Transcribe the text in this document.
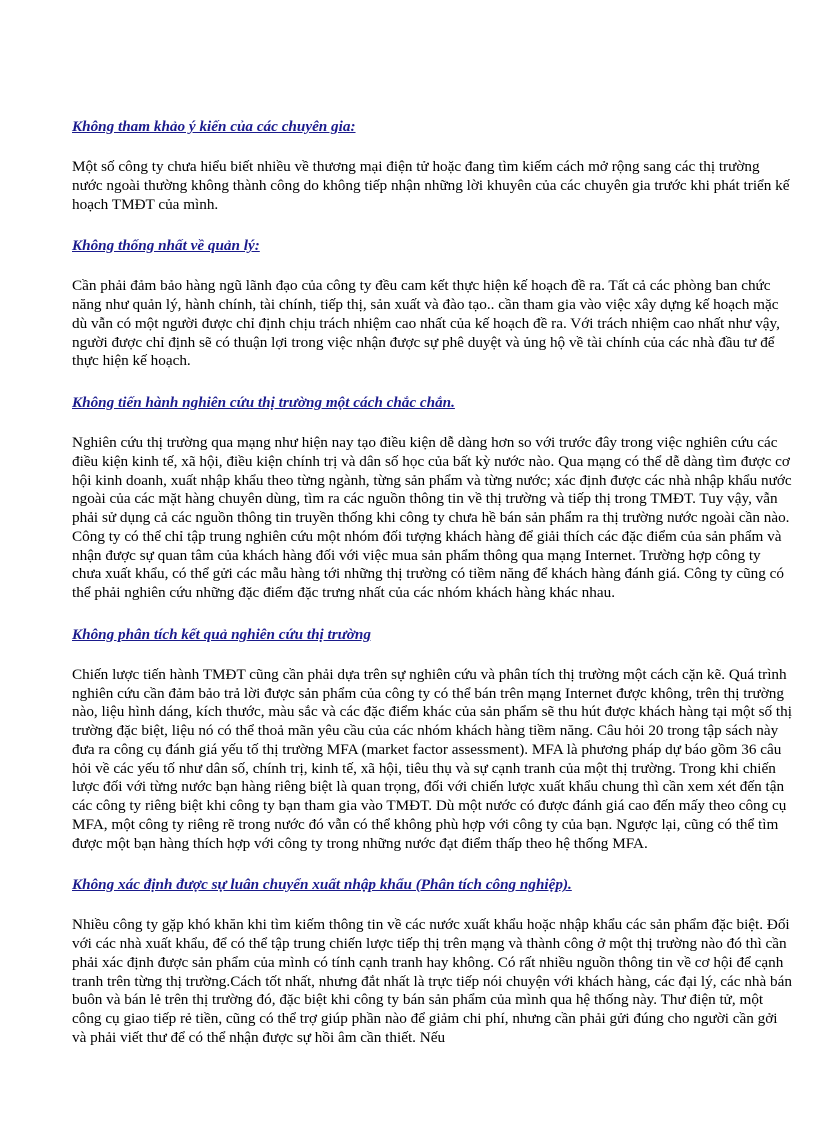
Không tham khảo ý kiến của các chuyên gia:

Một số công ty chưa hiểu biết nhiều về thương mại điện tử hoặc đang tìm kiếm cách mở rộng sang các thị trường nước ngoài thường không thành công do không tiếp nhận những lời khuyên của các chuyên gia trước khi phát triển kế hoạch TMĐT của mình.

Không thống nhất về quản lý:

Cần phải đảm bảo hàng ngũ lãnh đạo của công ty đều cam kết thực hiện kế hoạch đề ra. Tất cả các phòng ban chức năng như quản lý, hành chính, tài chính, tiếp thị, sản xuất và đào tạo.. cần tham gia vào việc xây dựng kế hoạch mặc dù vẫn có một người được chỉ định chịu trách nhiệm cao nhất của kế hoạch đề ra. Với trách nhiệm cao nhất như vậy, người được chỉ định sẽ có thuận lợi trong việc nhận được sự phê duyệt và ủng hộ về tài chính của các nhà đầu tư để thực hiện kế hoạch.

Không tiến hành nghiên cứu thị trường một cách chắc chắn.

Nghiên cứu thị trường qua mạng như hiện nay tạo điều kiện dễ dàng hơn so với trước đây trong việc nghiên cứu các điều kiện kinh tế, xã hội, điều kiện chính trị và dân số học của bất kỳ nước nào. Qua mạng có thể dễ dàng tìm được cơ hội kinh doanh, xuất nhập khẩu theo từng ngành, từng sản phẩm và từng nước; xác định được các nhà nhập khẩu nước ngoài của các mặt hàng chuyên dùng, tìm ra các nguồn thông tin về thị trường và tiếp thị trong TMĐT. Tuy vậy, vẫn phải sử dụng cả các nguồn thông tin truyền thống khi công ty chưa hề bán sản phẩm ra thị trường nước ngoài cần nào. Công ty có thể chỉ tập trung nghiên cứu một nhóm đối tượng khách hàng để giải thích các đặc điểm của sản phẩm và nhận được sự quan tâm của khách hàng đối với việc mua sản phẩm thông qua mạng Internet. Trường hợp công ty chưa xuất khẩu, có thể gửi các mẫu hàng tới những thị trường có tiềm năng để khách hàng đánh giá. Công ty cũng có thể phải nghiên cứu những đặc điểm đặc trưng nhất của các nhóm khách hàng khác nhau.

Không phân tích kết quả nghiên cứu thị trường

Chiến lược tiến hành TMĐT cũng cần phải dựa trên sự nghiên cứu và phân tích thị trường một cách cặn kẽ. Quá trình nghiên cứu cần đảm bảo trả lời được sản phẩm của công ty có thể bán trên mạng Internet được không, trên thị trường nào, liệu hình dáng, kích thước, màu sắc và các đặc điểm khác của sản phẩm sẽ thu hút được khách hàng tại một số thị trường đặc biệt, liệu nó có thể thoả mãn yêu cầu của các nhóm khách hàng tiềm năng. Câu hỏi 20 trong tập sách này đưa ra công cụ đánh giá yếu tố thị trường MFA (market factor assessment). MFA là phương pháp dự báo gồm 36 câu hỏi về các yếu tố như dân số, chính trị, kinh tế, xã hội, tiêu thụ và sự cạnh tranh của một thị trường. Trong khi chiến lược đối với từng nước bạn hàng riêng biệt là quan trọng, đối với chiến lược xuất khẩu chung thì cần xem xét đến tận các công ty riêng biệt khi công ty bạn tham gia vào TMĐT. Dù một nước có được đánh giá cao đến mấy theo công cụ MFA, một công ty riêng rẽ trong nước đó vẫn có thể không phù hợp với công ty của bạn. Ngược lại, cũng có thể tìm được một bạn hàng thích hợp với công ty trong những nước đạt điểm thấp theo hệ thống MFA.

Không xác định được sự luân chuyển xuất nhập khẩu (Phân tích công nghiệp).

Nhiều công ty gặp khó khăn khi tìm kiếm thông tin về các nước xuất khẩu hoặc nhập khẩu các sản phẩm đặc biệt. Đối với các nhà xuất khẩu, để có thể tập trung chiến lược tiếp thị trên mạng và thành công ở một thị trường nào đó thì cần phải xác định được sản phẩm của mình có tính cạnh tranh hay không. Có rất nhiều nguồn thông tin về cơ hội để cạnh tranh trên từng thị trường.Cách tốt nhất, nhưng đắt nhất là trực tiếp nói chuyện với khách hàng, các đại lý, các nhà bán buôn và bán lẻ trên thị trường đó, đặc biệt khi công ty bán sản phẩm của mình qua hệ thống này. Thư điện tử, một công cụ giao tiếp rẻ tiền, cũng có thể trợ giúp phần nào để giảm chi phí, nhưng cần phải gửi đúng cho người cần gởi và phải viết thư để có thể nhận được sự hồi âm cần thiết. Nếu
